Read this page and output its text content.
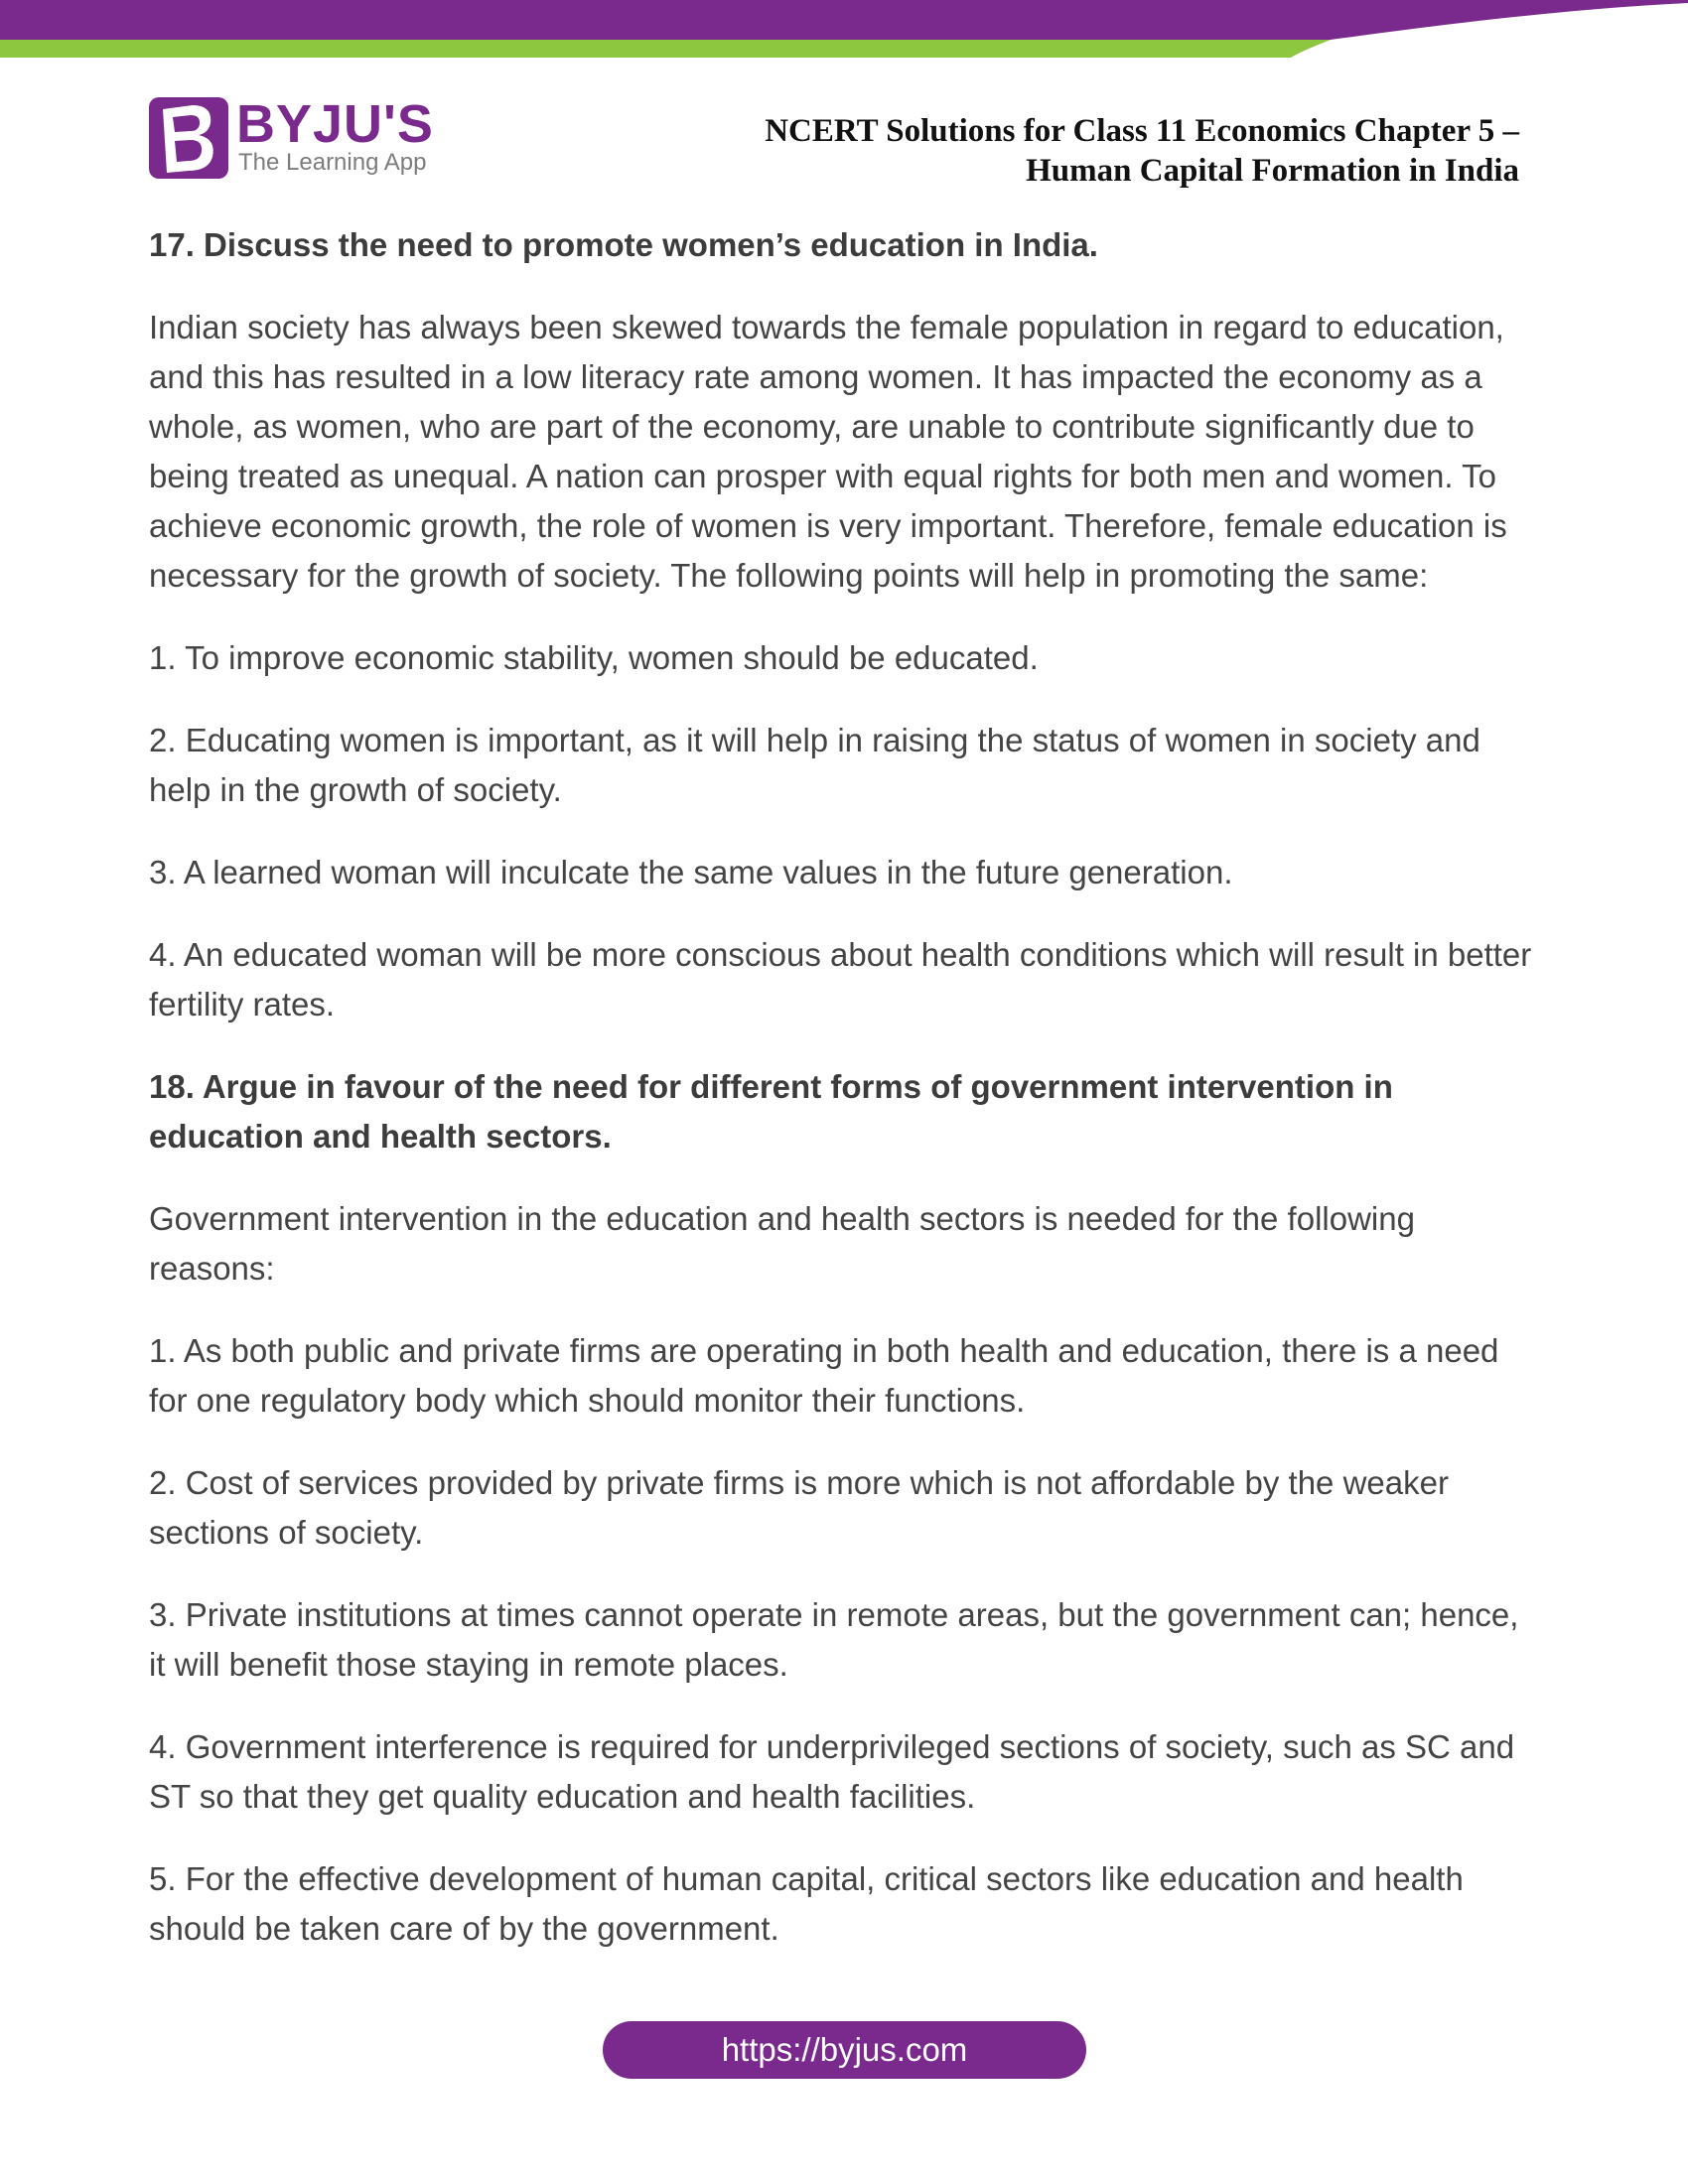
BYJU'S
The Learning App
NCERT Solutions for Class 11 Economics Chapter 5 –
Human Capital Formation in India

17. Discuss the need to promote women’s education in India.

Indian society has always been skewed towards the female population in regard to education, and this has resulted in a low literacy rate among women. It has impacted the economy as a whole, as women, who are part of the economy, are unable to contribute significantly due to being treated as unequal. A nation can prosper with equal rights for both men and women. To achieve economic growth, the role of women is very important. Therefore, female education is necessary for the growth of society. The following points will help in promoting the same:

1. To improve economic stability, women should be educated.

2. Educating women is important, as it will help in raising the status of women in society and help in the growth of society.

3. A learned woman will inculcate the same values in the future generation.

4. An educated woman will be more conscious about health conditions which will result in better fertility rates.

18. Argue in favour of the need for different forms of government intervention in education and health sectors.

Government intervention in the education and health sectors is needed for the following reasons:

1. As both public and private firms are operating in both health and education, there is a need for one regulatory body which should monitor their functions.

2. Cost of services provided by private firms is more which is not affordable by the weaker sections of society.

3. Private institutions at times cannot operate in remote areas, but the government can; hence, it will benefit those staying in remote places.

4. Government interference is required for underprivileged sections of society, such as SC and ST so that they get quality education and health facilities.

5. For the effective development of human capital, critical sectors like education and health should be taken care of by the government.

https://byjus.com
